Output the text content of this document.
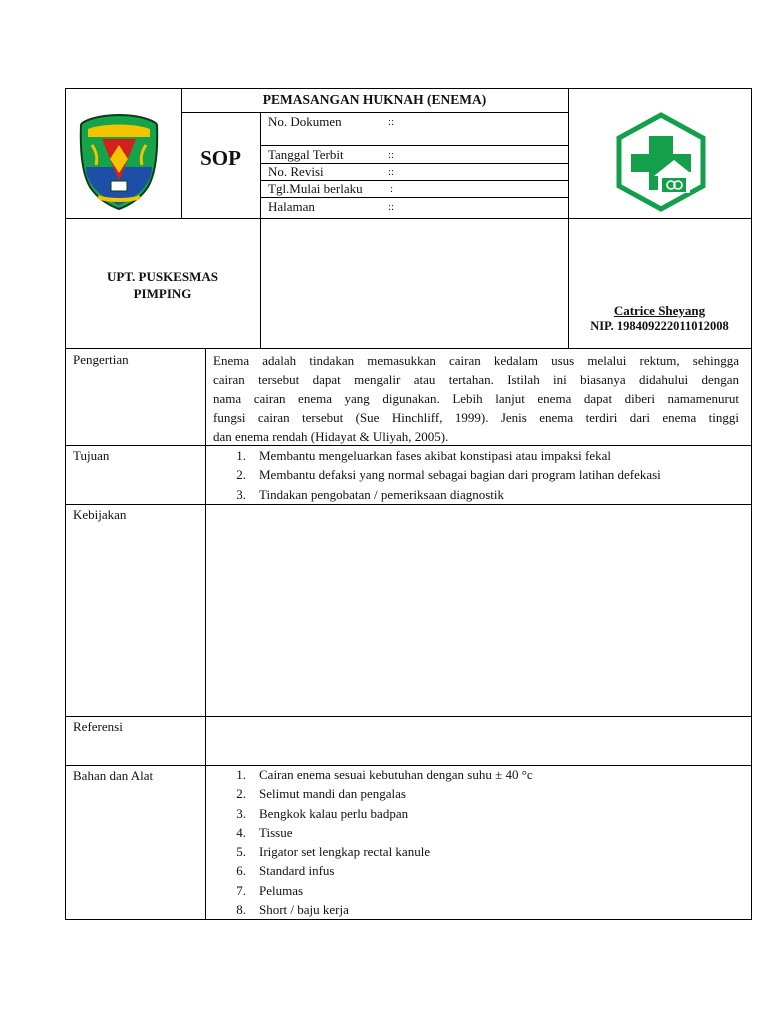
PEMASANGAN HUKNAH (ENEMA)
SOP
No. Dokumen	::
Tanggal Terbit	::
No. Revisi	::
Tgl.Mulai berlaku :
Halaman	::
UPT. PUSKESMAS
PIMPING
Catrice Sheyang
NIP. 198409222011012008
Pengertian	Enema adalah tindakan memasukkan cairan kedalam usus melalui rektum, sehingga
cairan tersebut dapat mengalir atau tertahan. Istilah ini biasanya didahului dengan
nama cairan enema yang digunakan. Lebih lanjut enema dapat diberi namamenurut
fungsi cairan tersebut (Sue Hinchliff, 1999). Jenis enema terdiri dari enema tinggi
dan enema rendah (Hidayat & Uliyah, 2005).
Tujuan	1. Membantu mengeluarkan fases akibat konstipasi atau impaksi fekal
2. Membantu defaksi yang normal sebagai bagian dari program latihan defekasi
3. Tindakan pengobatan / pemeriksaan diagnostik
Kebijakan
Referensi
Bahan dan Alat	1. Cairan enema sesuai kebutuhan dengan suhu ± 40 °c
2. Selimut mandi dan pengalas
3. Bengkok kalau perlu badpan
4. Tissue
5. Irigator set lengkap rectal kanule
6. Standard infus
7. Pelumas
8. Short / baju kerja
